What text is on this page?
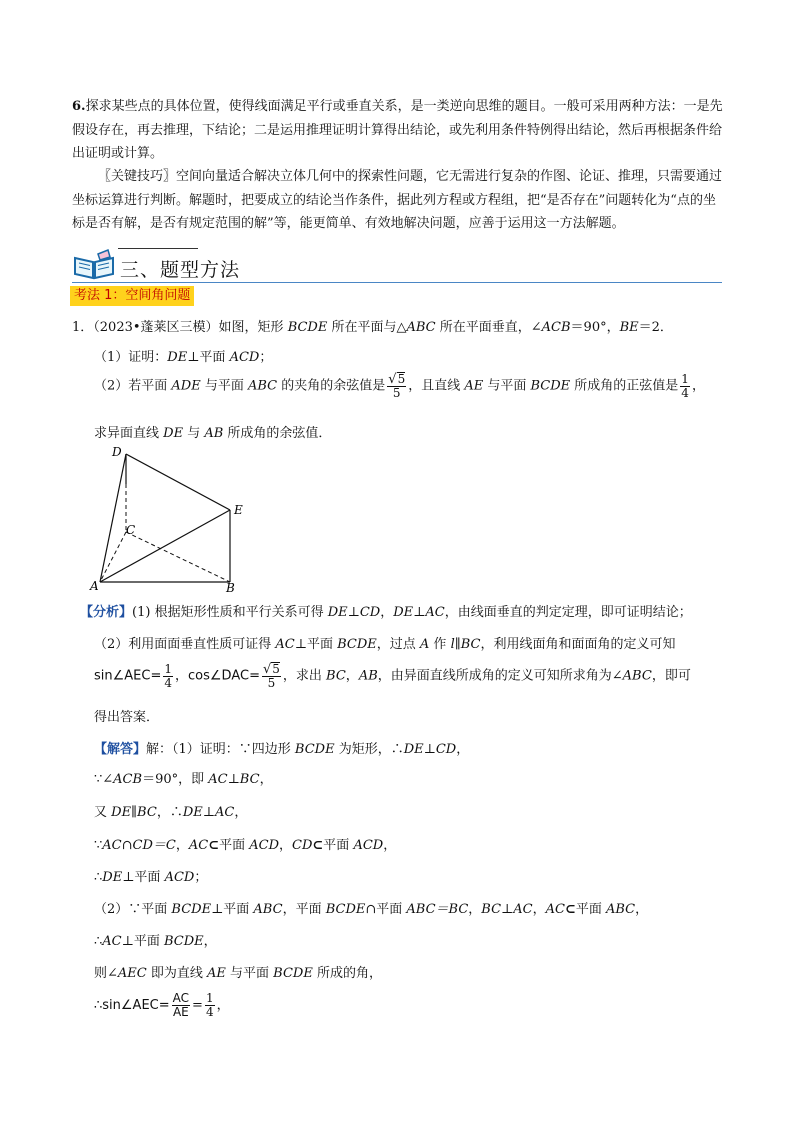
6.探求某些点的具体位置，使得线面满足平行或垂直关系，是一类逆向思维的题目。一般可采用两种方法：一是先假设存在，再去推理，下结论；二是运用推理证明计算得出结论，或先利用条件特例得出结论，然后再根据条件给出证明或计算。
〖关键技巧〗空间向量适合解决立体几何中的探索性问题，它无需进行复杂的作图、论证、推理，只需要通过坐标运算进行判断。解题时，把要成立的结论当作条件，据此列方程或方程组，把“是否存在”问题转化为“点的坐标是否有解，是否有规定范围的解”等，能更简单、有效地解决问题，应善于运用这一方法解题。
三、题型方法
考法 1：空间角问题
1．（2023•蓬莱区三模）如图，矩形 BCDE 所在平面与△ABC 所在平面垂直，∠ACB＝90°，BE＝2．
（1）证明：DE⊥平面 ACD；
（2）若平面 ADE 与平面 ABC 的夹角的余弦值是 $\frac{√5}{5}$ ，且直线 AE 与平面 BCDE 所成角的正弦值是 $\frac{1}{4}$ ，
求异面直线 DE 与 AB 所成角的余弦值．
D
E
C
A	B
【分析】(1) 根据矩形性质和平行关系可得 DE⊥CD，DE⊥AC，由线面垂直的判定定理，即可证明结论；
（2）利用面面垂直性质可证得 AC⊥平面 BCDE，过点 A 作 l∥BC，利用线面角和面面角的定义可知
sin∠AEC= $\frac{1}{4}$ ，cos∠DAC= $\frac{√5}{5}$ ，求出 BC，AB，由异面直线所成角的定义可知所求角为∠ABC，即可
得出答案．
【解答】解：（1）证明：∵四边形 BCDE 为矩形，∴DE⊥CD，
∵∠ACB＝90°，即 AC⊥BC，
又 DE∥BC，∴DE⊥AC，
∵AC∩CD＝C，AC⊂平面 ACD，CD⊂平面 ACD，
∴DE⊥平面 ACD；
（2）∵平面 BCDE⊥平面 ABC，平面 BCDE∩平面 ABC＝BC，BC⊥AC，AC⊂平面 ABC，
∴AC⊥平面 BCDE，
则∠AEC 即为直线 AE 与平面 BCDE 所成的角，
∴sin∠AEC= $\frac{AC}{AE} = \frac{1}{4}$ ，
